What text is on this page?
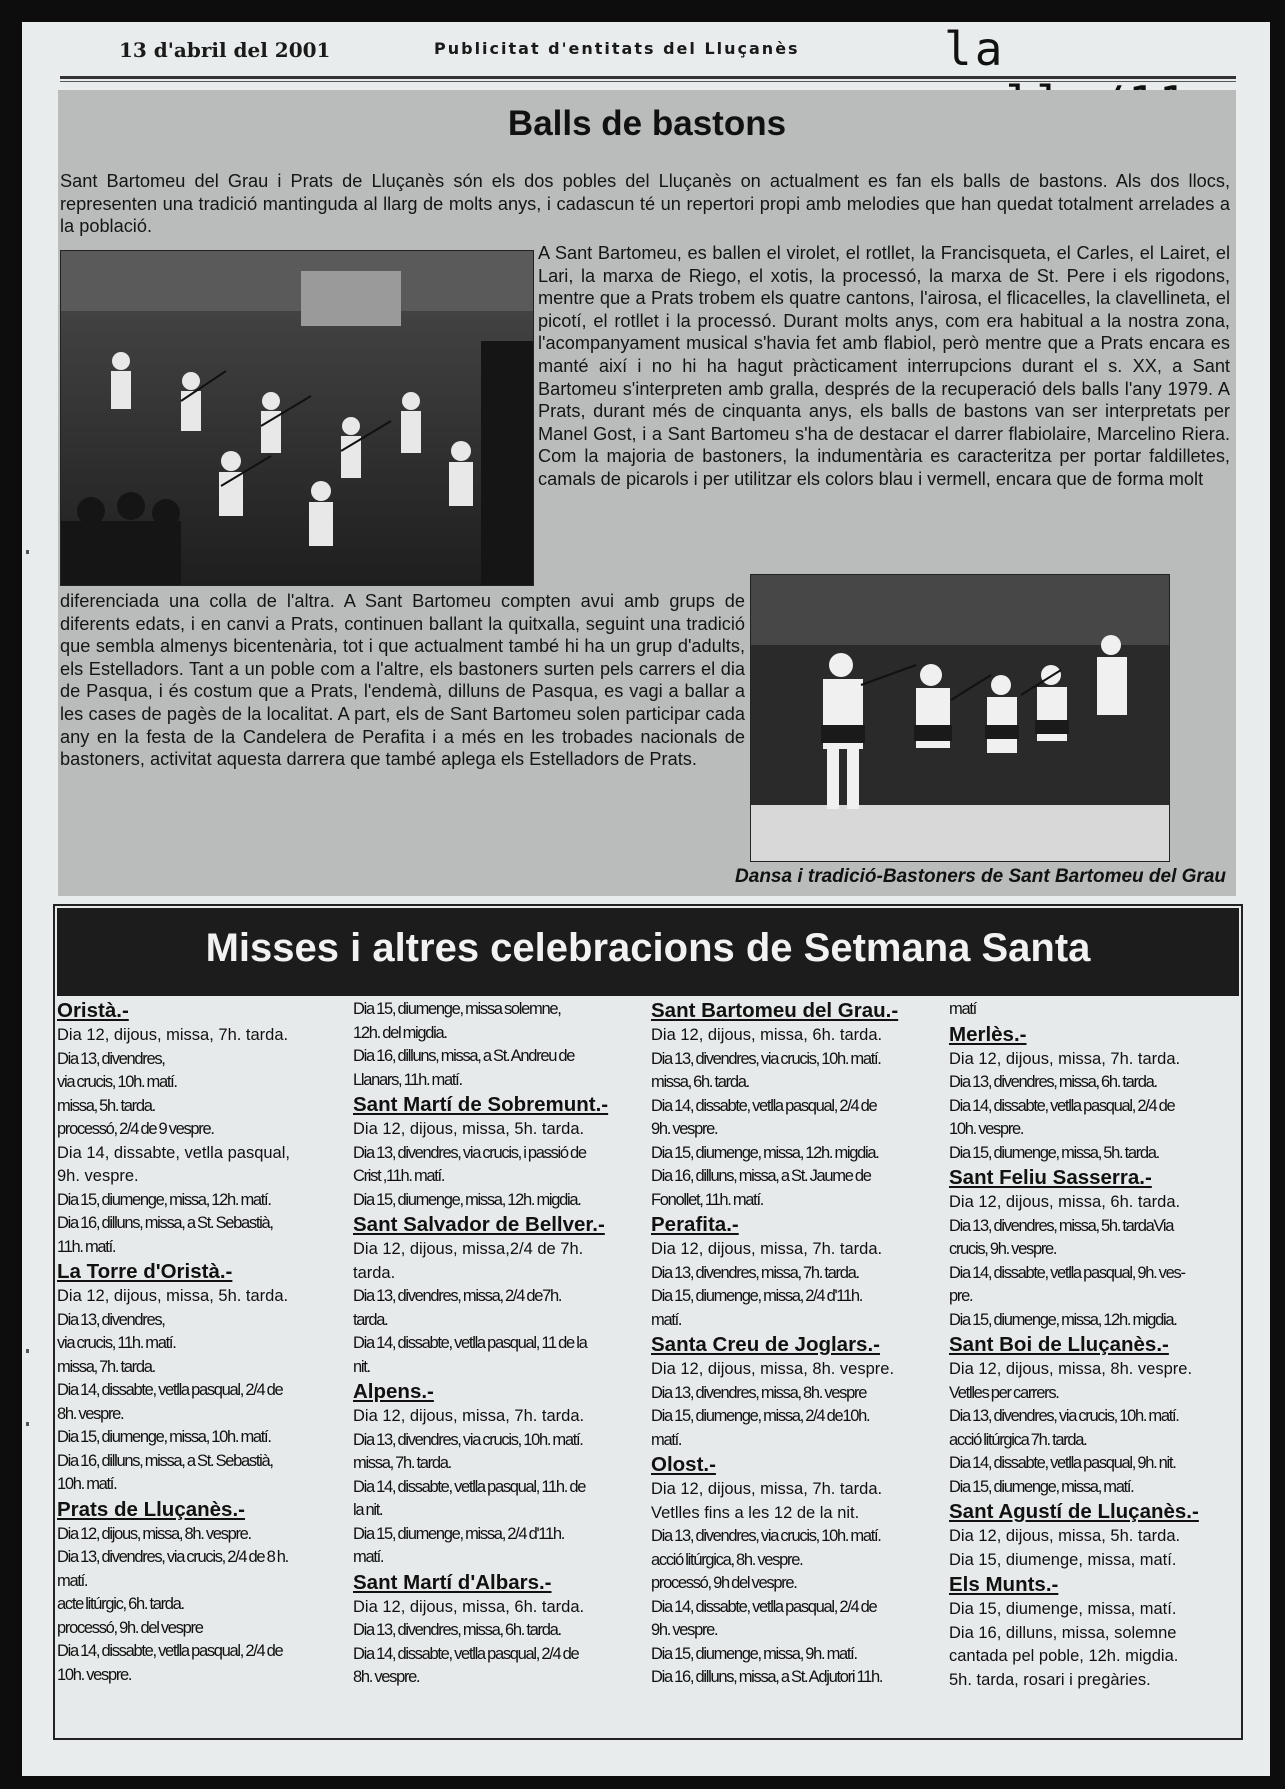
13 d'abril del 2001	Publicitat d'entitats del Lluçanès	la
Balls de bastons

Sant Bartomeu del Grau i Prats de Lluçanès són els dos pobles del Lluçanès on actualment es fan els balls de bastons. Als dos llocs, representen una tradició mantinguda al llarg de molts anys, i cadascun té un repertori propi amb melodies que han quedat totalment arrelades a la població.

A Sant Bartomeu, es ballen el virolet, el rotllet, la Francisqueta, el Carles, el Lairet, el Lari, la marxa de Riego, el xotis, la processó, la marxa de St. Pere i els rigodons, mentre que a Prats trobem els quatre cantons, l'airosa, el flicacelles, la clavellineta, el picotí, el rotllet i la processó. Durant molts anys, com era habitual a la nostra zona, l'acompanyament musical s'havia fet amb flabiol, però mentre que a Prats encara es manté així i no hi ha hagut pràcticament interrupcions durant el s. XX, a Sant Bartomeu s'interpreten amb gralla, després de la recuperació dels balls l'any 1979. A Prats, durant més de cinquanta anys, els balls de bastons van ser interpretats per Manel Gost, i a Sant Bartomeu s'ha de destacar el darrer flabiolaire, Marcelino Riera. Com la majoria de bastoners, la indumentària es caracteritza per portar faldilletes, camals de picarols i per utilitzar els colors blau i vermell, encara que de forma molt

diferenciada una colla de l'altra. A Sant Bartomeu compten avui amb grups de diferents edats, i en canvi a Prats, continuen ballant la quitxalla, seguint una tradició que sembla almenys bicentenària, tot i que actualment també hi ha un grup d'adults, els Estelladors. Tant a un poble com a l'altre, els bastoners surten pels carrers el dia de Pasqua, i és costum que a Prats, l'endemà, dilluns de Pasqua, es vagi a ballar a les cases de pagès de la localitat. A part, els de Sant Bartomeu solen participar cada any en la festa de la Candelera de Perafita i a més en les trobades nacionals de bastoners, activitat aquesta darrera que també aplega els Estelladors de Prats.

Dansa i tradició-Bastoners de Sant Bartomeu del Grau
Misses i altres celebracions de Setmana Santa

Oristà.-

Dia 12, dijous, missa, 7h. tarda.

Dia 13, divendres,

via crucis, 10h. matí.

missa, 5h. tarda.

processó, 2/4 de 9 vespre.

Dia 14, dissabte, vetlla pasqual,

9h. vespre.

Dia 15, diumenge, missa, 12h. matí.

Dia 16, dilluns, missa, a St. Sebastià,

11h. matí.

La Torre d'Oristà.-

Dia 12, dijous, missa, 5h. tarda.

Dia 13, divendres,

via crucis, 11h. matí.

missa, 7h. tarda.

Dia 14, dissabte, vetlla pasqual, 2/4 de

8h. vespre.

Dia 15, diumenge, missa, 10h. matí.

Dia 16, dilluns, missa, a St. Sebastià,

10h. matí.

Prats de Lluçanès.-

Dia 12, dijous, missa, 8h. vespre.

Dia 13, divendres, via crucis, 2/4 de 8 h.

matí.

acte litúrgic, 6h. tarda.

processó, 9h. del vespre

Dia 14, dissabte, vetlla pasqual, 2/4 de

10h. vespre.

Dia 15, diumenge, missa solemne,

12h. del migdia.

Dia 16, dilluns, missa, a St. Andreu de

Llanars, 11h. matí.

Sant Martí de Sobremunt.-

Dia 12, dijous, missa, 5h. tarda.

Dia 13, divendres, via crucis, i passió de

Crist ,11h. matí.

Dia 15, diumenge, missa, 12h. migdia.

Sant Salvador de Bellver.-

Dia 12, dijous, missa,2/4 de 7h.

tarda.

Dia 13, divendres, missa, 2/4 de7h.

tarda.

Dia 14, dissabte, vetlla pasqual, 11 de la

nit.

Alpens.-

Dia 12, dijous, missa, 7h. tarda.

Dia 13, divendres, via crucis, 10h. matí.

missa, 7h. tarda.

Dia 14, dissabte, vetlla pasqual, 11h. de

la nit.

Dia 15, diumenge, missa, 2/4 d'11h.

matí.

Sant Martí d'Albars.-

Dia 12, dijous, missa, 6h. tarda.

Dia 13, divendres, missa, 6h. tarda.

Dia 14, dissabte, vetlla pasqual, 2/4 de

8h. vespre.

Sant Bartomeu del Grau.-

Dia 12, dijous, missa, 6h. tarda.

Dia 13, divendres, via crucis, 10h. matí.

missa, 6h. tarda.

Dia 14, dissabte, vetlla pasqual, 2/4 de

9h. vespre.

Dia 15, diumenge, missa, 12h. migdia.

Dia 16, dilluns, missa, a St. Jaume de

Fonollet, 11h. matí.

Perafita.-

Dia 12, dijous, missa, 7h. tarda.

Dia 13, divendres, missa, 7h. tarda.

Dia 15, diumenge, missa, 2/4 d'11h.

matí.

Santa Creu de Joglars.-

Dia 12, dijous, missa, 8h. vespre.

Dia 13, divendres, missa, 8h. vespre

Dia 15, diumenge, missa, 2/4 de10h.

matí.

Olost.-

Dia 12, dijous, missa, 7h. tarda.

Vetlles fins a les 12 de la nit.

Dia 13, divendres, via crucis, 10h. matí.

acció litúrgica, 8h. vespre.

processó, 9h del vespre.

Dia 14, dissabte, vetlla pasqual, 2/4 de

9h. vespre.

Dia 15, diumenge, missa, 9h. matí.

Dia 16, dilluns, missa, a St. Adjutori 11h.

matí

Merlès.-

Dia 12, dijous, missa, 7h. tarda.

Dia 13, divendres, missa, 6h. tarda.

Dia 14, dissabte, vetlla pasqual, 2/4 de

10h. vespre.

Dia 15, diumenge, missa, 5h. tarda.

Sant Feliu Sasserra.-

Dia 12, dijous, missa, 6h. tarda.

Dia 13, divendres, missa, 5h. tardaVia

crucis, 9h. vespre.

Dia 14, dissabte, vetlla pasqual, 9h. ves-

pre.

Dia 15, diumenge, missa, 12h. migdia.

Sant Boi de Lluçanès.-

Dia 12, dijous, missa, 8h. vespre.

Vetlles per carrers.

Dia 13, divendres, via crucis, 10h. matí.

acció litúrgica 7h. tarda.

Dia 14, dissabte, vetlla pasqual, 9h. nit.

Dia 15, diumenge, missa, matí.

Sant Agustí de Lluçanès.-

Dia 12, dijous, missa, 5h. tarda.

Dia 15, diumenge, missa, matí.

Els Munts.-

Dia 15, diumenge, missa, matí.

Dia 16, dilluns, missa, solemne

cantada pel poble, 12h. migdia.

5h. tarda, rosari i pregàries.
